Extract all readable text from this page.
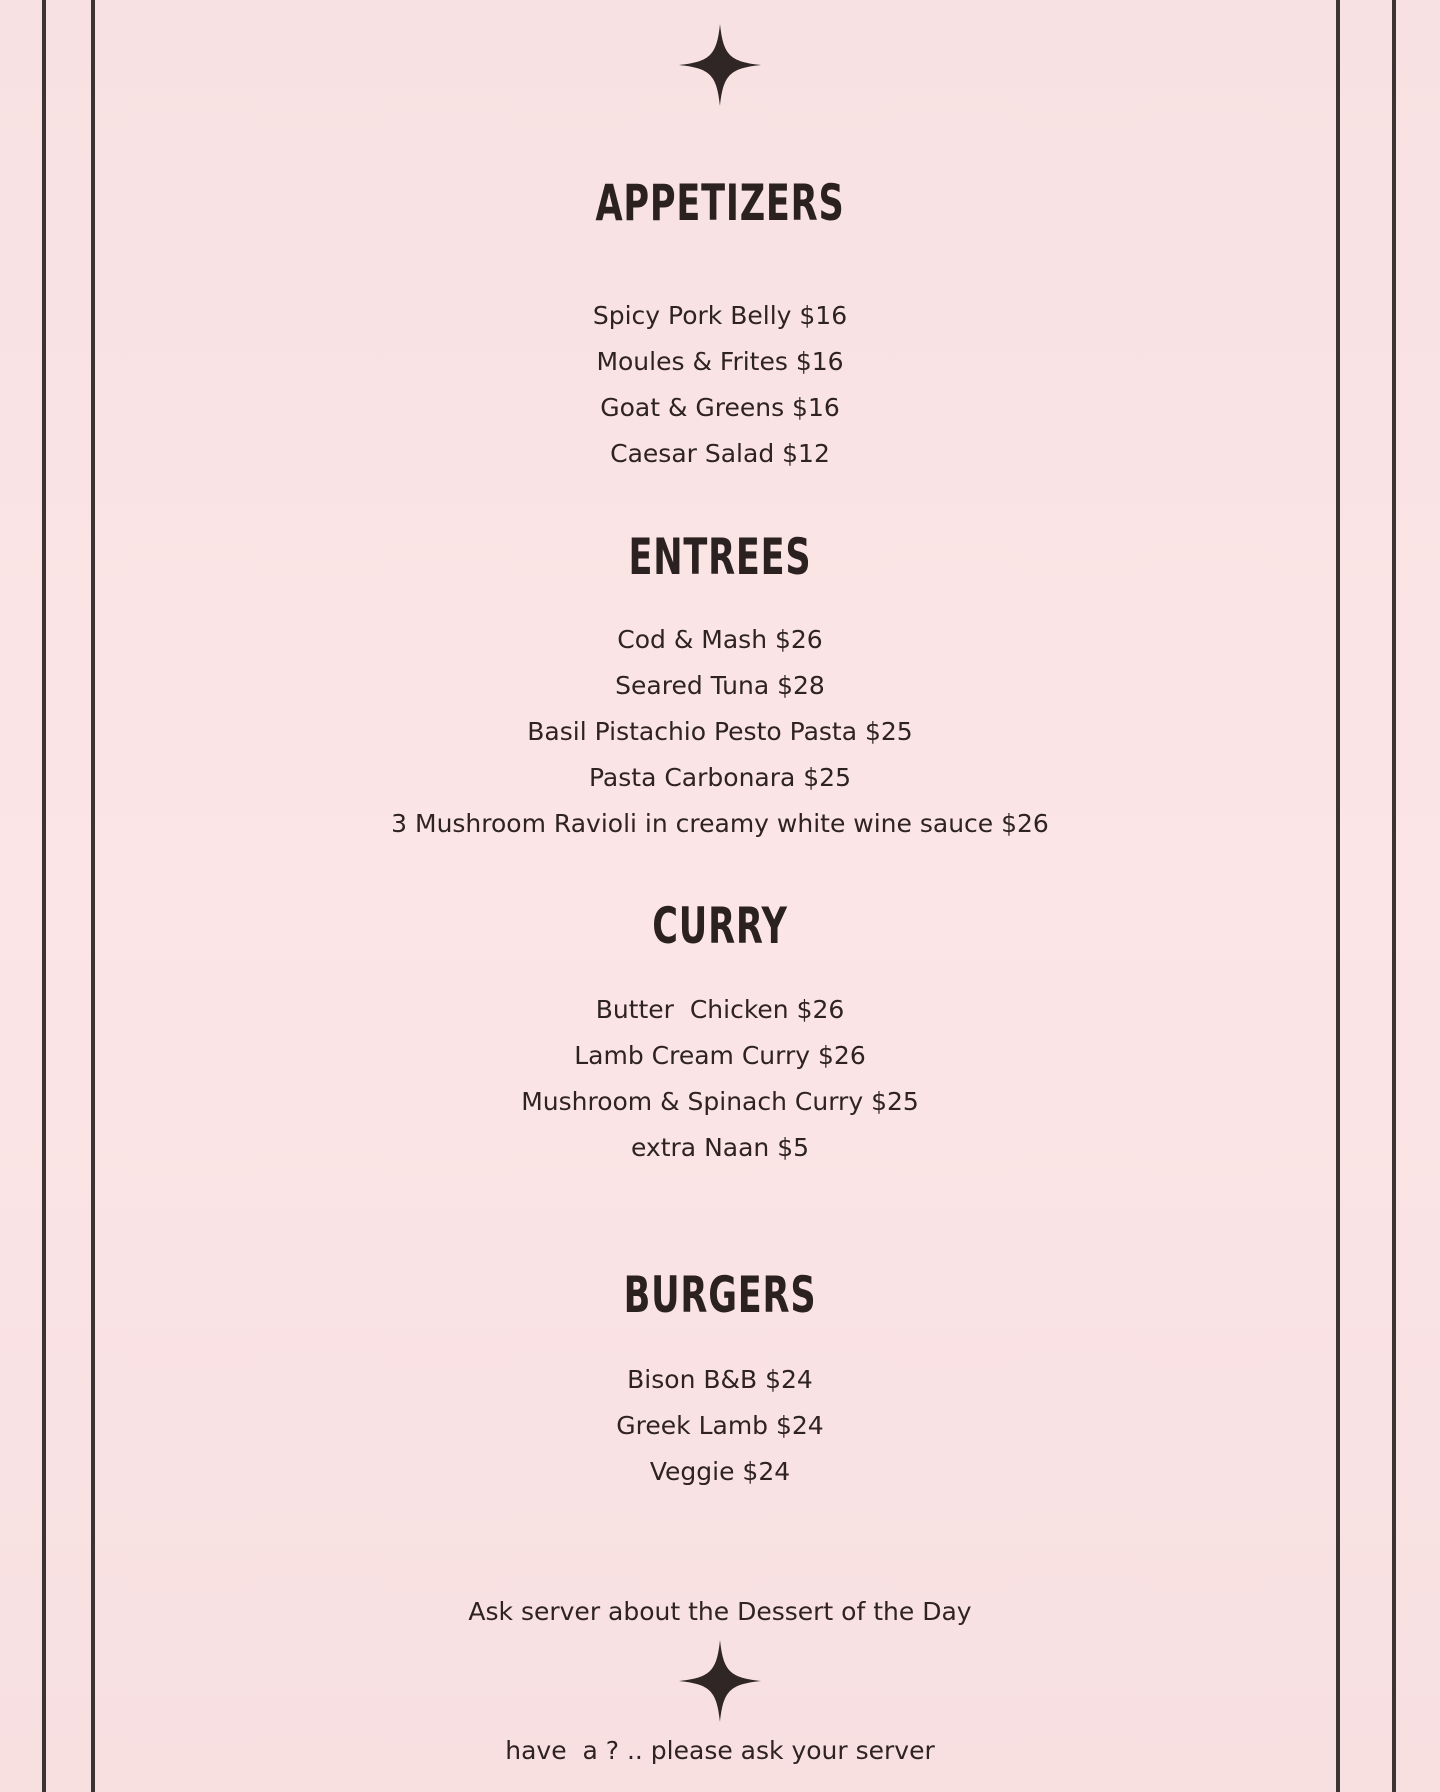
APPETIZERS
Spicy Pork Belly $16
Moules & Frites $16
Goat & Greens $16
Caesar Salad $12
ENTREES
Cod & Mash $26
Seared Tuna $28
Basil Pistachio Pesto Pasta $25
Pasta Carbonara $25
3 Mushroom Ravioli in creamy white wine sauce $26
CURRY
Butter  Chicken $26
Lamb Cream Curry $26
Mushroom & Spinach Curry $25
extra Naan $5
BURGERS
Bison B&B $24
Greek Lamb $24
Veggie $24
Ask server about the Dessert of the Day
have  a ? .. please ask your server
